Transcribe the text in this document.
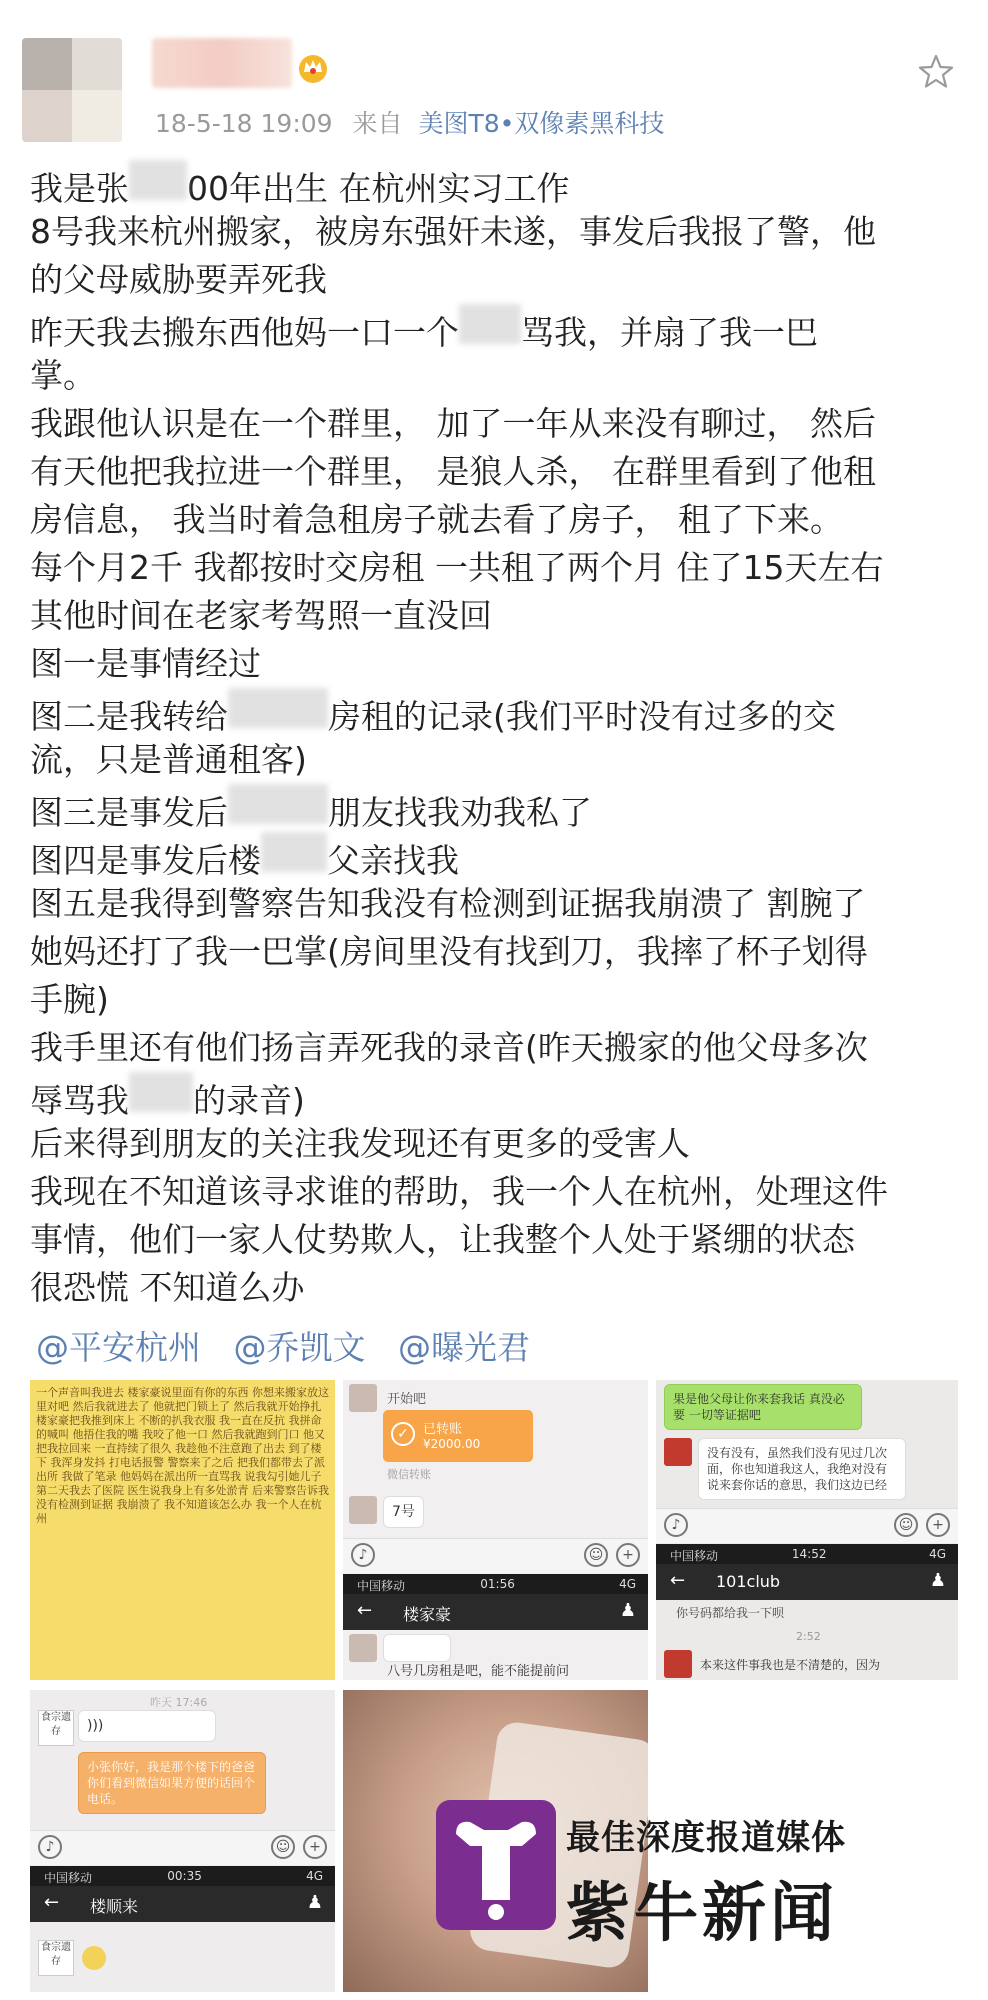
18-5-18 19:09 来自 美图T8•双像素黑科技
我是张 00年出生 在杭州实习工作
8号我来杭州搬家，被房东强奸未遂，事发后我报了警，他
的父母威胁要弄死我
昨天我去搬东西他妈一口一个 骂我，并扇了我一巴
掌。
我跟他认识是在一个群里， 加了一年从来没有聊过， 然后
有天他把我拉进一个群里， 是狼人杀， 在群里看到了他租
房信息， 我当时着急租房子就去看了房子， 租了下来。
每个月2千 我都按时交房租 一共租了两个月 住了15天左右
其他时间在老家考驾照一直没回
图一是事情经过
图二是我转给	房租的记录(我们平时没有过多的交
流，只是普通租客)
图三是事发后	朋友找我劝我私了
图四是事发后楼 父亲找我
图五是我得到警察告知我没有检测到证据我崩溃了 割腕了
她妈还打了我一巴掌(房间里没有找到刀，我摔了杯子划得
手腕)
我手里还有他们扬言弄死我的录音(昨天搬家的他父母多次
辱骂我 的录音)
后来得到朋友的关注我发现还有更多的受害人
我现在不知道该寻求谁的帮助，我一个人在杭州，处理这件
事情，他们一家人仗势欺人，让我整个人处于紧绷的状态
很恐慌 不知道么办
@平安杭州 @乔凯文 @曝光君
一个声音叫我进去 楼家豪说里面有你的东西 你想来搬家放这里对吧 然后我就进去了 他就把门锁上了 然后我就开始挣扎 楼家豪把我推到床上 不断的扒我衣服 我一直在反抗 我拼命的喊叫 他捂住我的嘴 我咬了他一口 然后我就跑到门口 他又把我拉回来 一直持续了很久 我趁他不注意跑了出去 到了楼下 我浑身发抖 打电话报警 警察来了之后 把我们都带去了派出所 我做了笔录 他妈妈在派出所一直骂我 说我勾引她儿子 第二天我去了医院 医生说我身上有多处淤青 后来警察告诉我 没有检测到证据 我崩溃了 我不知道该怎么办 我一个人在杭州
开始吧
✓	已转账
¥2000.00
微信转账
7号
♪	☺	+
中国移动	01:56	4G
← 楼家豪	♟
八号几房租是吧，能不能提前问
果是他父母让你来套我话 真没必要 一切等证据吧
没有没有，虽然我们没有见过几次面，你也知道我这人，我绝对没有说来套你话的意思，我们这边已经
♪	☺	+
中国移动	14:52	4G
← 101club	♟
你号码都给我一下呗
2:52
本来这件事我也是不清楚的，因为
昨天 17:46
食宗遗存	)))
小张你好，我是那个楼下的爸爸 你们看到微信如果方便的话回个电话。
♪	☺	+
中国移动	00:35	4G
← 楼顺来	♟
食宗遗存
最佳深度报道媒体
紫牛新闻
